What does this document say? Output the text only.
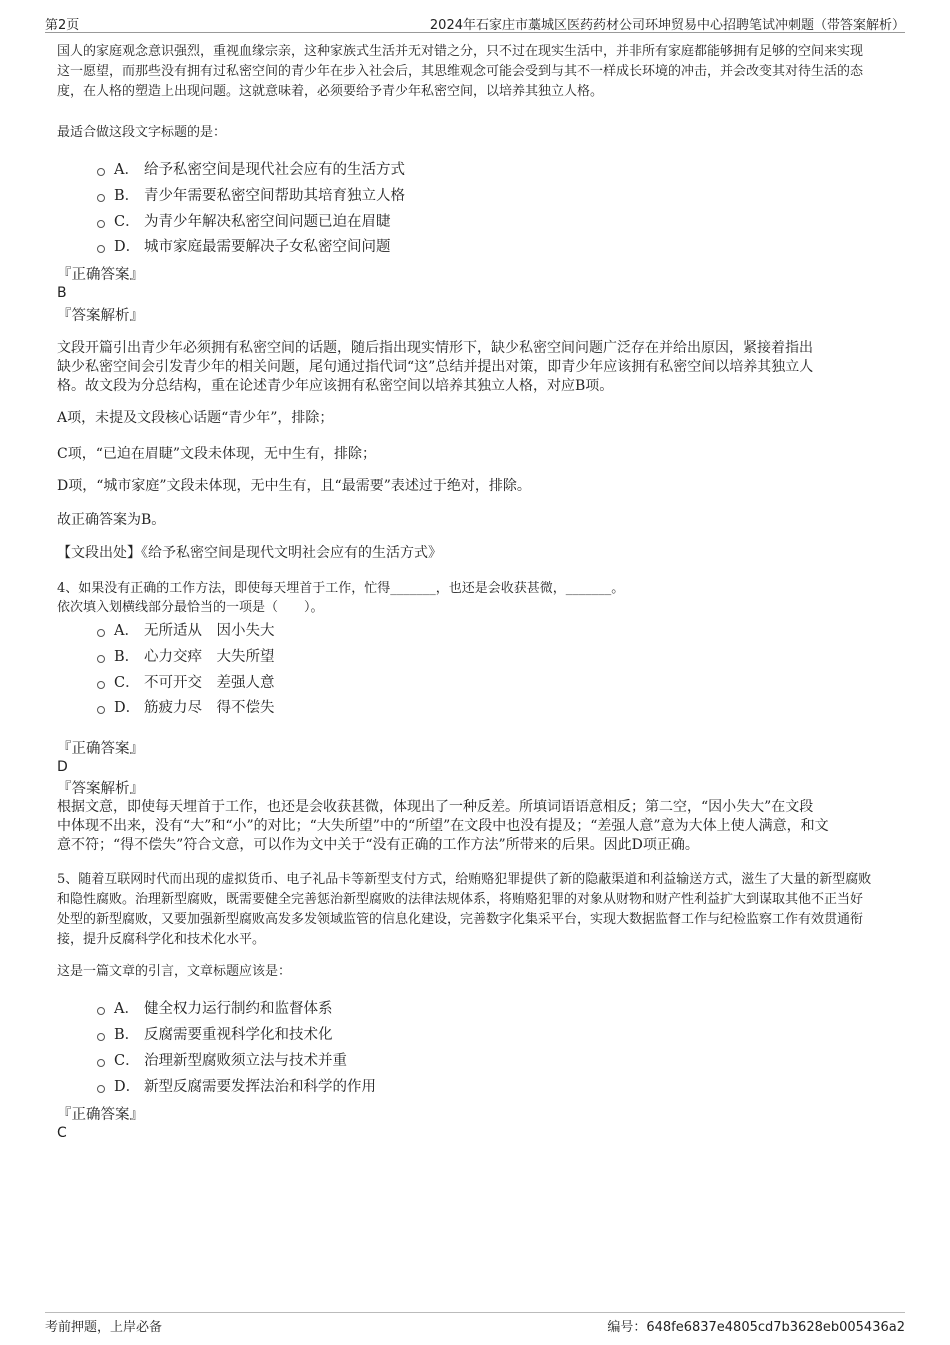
第2页	2024年石家庄市藁城区医药药材公司环坤贸易中心招聘笔试冲刺题（带答案解析）
国人的家庭观念意识强烈，重视血缘宗亲，这种家族式生活并无对错之分，只不过在现实生活中，并非所有家庭都能够拥有足够的空间来实现
这一愿望，而那些没有拥有过私密空间的青少年在步入社会后，其思维观念可能会受到与其不一样成长环境的冲击，并会改变其对待生活的态
度，在人格的塑造上出现问题。这就意味着，必须要给予青少年私密空间，以培养其独立人格。
最适合做这段文字标题的是：
A． 给予私密空间是现代社会应有的生活方式
B． 青少年需要私密空间帮助其培育独立人格
C． 为青少年解决私密空间问题已迫在眉睫
D． 城市家庭最需要解决子女私密空间问题
『正确答案』
B
『答案解析』
文段开篇引出青少年必须拥有私密空间的话题，随后指出现实情形下，缺少私密空间问题广泛存在并给出原因，紧接着指出
缺少私密空间会引发青少年的相关问题，尾句通过指代词“这”总结并提出对策，即青少年应该拥有私密空间以培养其独立人
格。故文段为分总结构，重在论述青少年应该拥有私密空间以培养其独立人格，对应B项。
A项，未提及文段核心话题“青少年”，排除；
C项，“已迫在眉睫”文段未体现，无中生有，排除；
D项，“城市家庭”文段未体现，无中生有，且“最需要”表述过于绝对，排除。
故正确答案为B。
【文段出处】《给予私密空间是现代文明社会应有的生活方式》
4、如果没有正确的工作方法，即使每天埋首于工作，忙得_______，也还是会收获甚微，_______。
依次填入划横线部分最恰当的一项是（　　）。
A． 无所适从　因小失大
B． 心力交瘁　大失所望
C． 不可开交　差强人意
D． 筋疲力尽　得不偿失
『正确答案』
D
『答案解析』
根据文意，即使每天埋首于工作，也还是会收获甚微，体现出了一种反差。所填词语语意相反；第二空，“因小失大”在文段
中体现不出来，没有“大”和“小”的对比；“大失所望”中的“所望”在文段中也没有提及；“差强人意”意为大体上使人满意，和文
意不符；“得不偿失”符合文意，可以作为文中关于“没有正确的工作方法”所带来的后果。因此D项正确。
5、随着互联网时代而出现的虚拟货币、电子礼品卡等新型支付方式，给贿赂犯罪提供了新的隐蔽渠道和利益输送方式，滋生了大量的新型腐败
和隐性腐败。治理新型腐败，既需要健全完善惩治新型腐败的法律法规体系，将贿赂犯罪的对象从财物和财产性利益扩大到谋取其他不正当好
处型的新型腐败，又要加强新型腐败高发多发领域监管的信息化建设，完善数字化集采平台，实现大数据监督工作与纪检监察工作有效贯通衔
接，提升反腐科学化和技术化水平。
这是一篇文章的引言，文章标题应该是：
A． 健全权力运行制约和监督体系
B． 反腐需要重视科学化和技术化
C． 治理新型腐败须立法与技术并重
D． 新型反腐需要发挥法治和科学的作用
『正确答案』
C
考前押题，上岸必备	编号：648fe6837e4805cd7b3628eb005436a2
